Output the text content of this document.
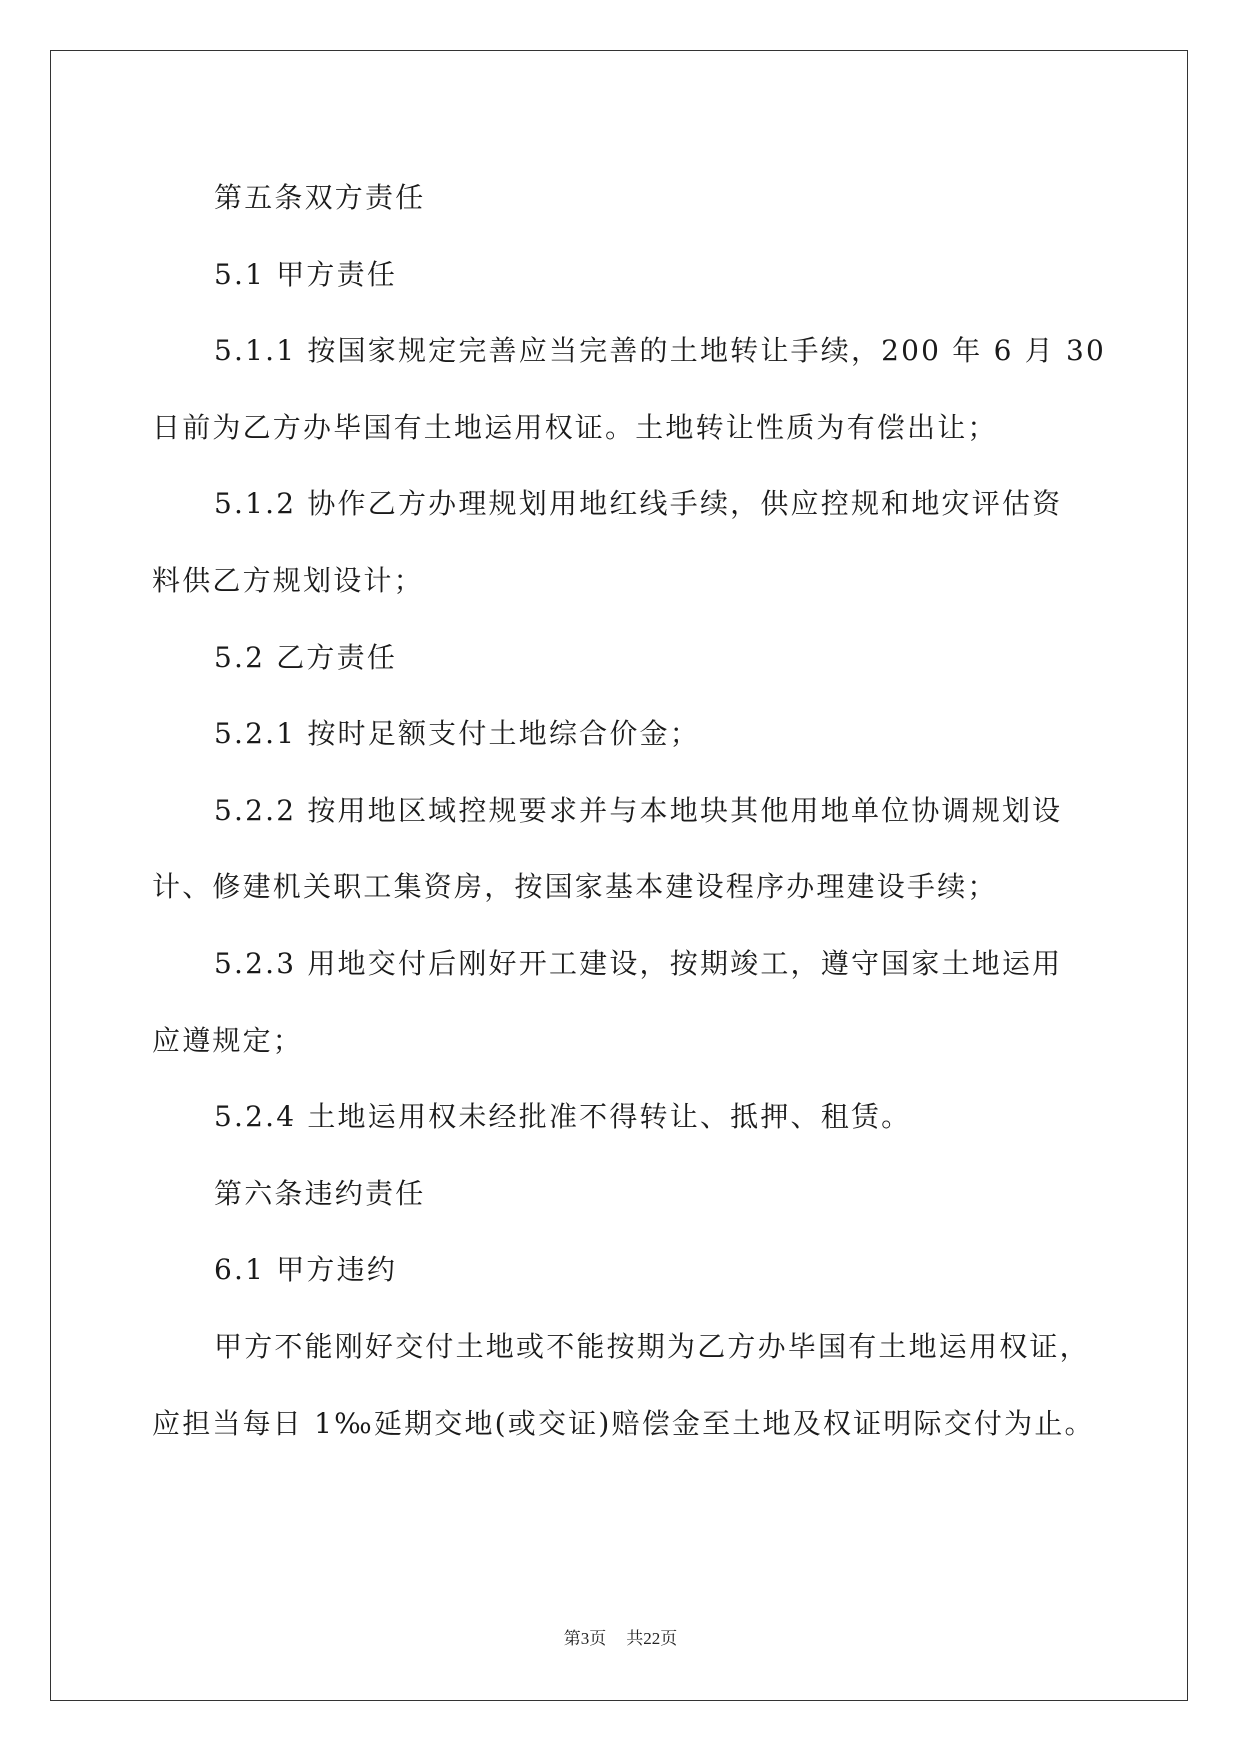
第五条双方责任
5.1 甲方责任
5.1.1 按国家规定完善应当完善的土地转让手续，200 年 6 月 30
日前为乙方办毕国有土地运用权证。土地转让性质为有偿出让；
5.1.2 协作乙方办理规划用地红线手续，供应控规和地灾评估资
料供乙方规划设计；
5.2 乙方责任
5.2.1 按时足额支付土地综合价金；
5.2.2 按用地区域控规要求并与本地块其他用地单位协调规划设
计、修建机关职工集资房，按国家基本建设程序办理建设手续；
5.2.3 用地交付后刚好开工建设，按期竣工，遵守国家土地运用
应遵规定；
5.2.4 土地运用权未经批准不得转让、抵押、租赁。
第六条违约责任
6.1 甲方违约
甲方不能刚好交付土地或不能按期为乙方办毕国有土地运用权证，
应担当每日 1‰延期交地(或交证)赔偿金至土地及权证明际交付为止。
第3页 共22页
